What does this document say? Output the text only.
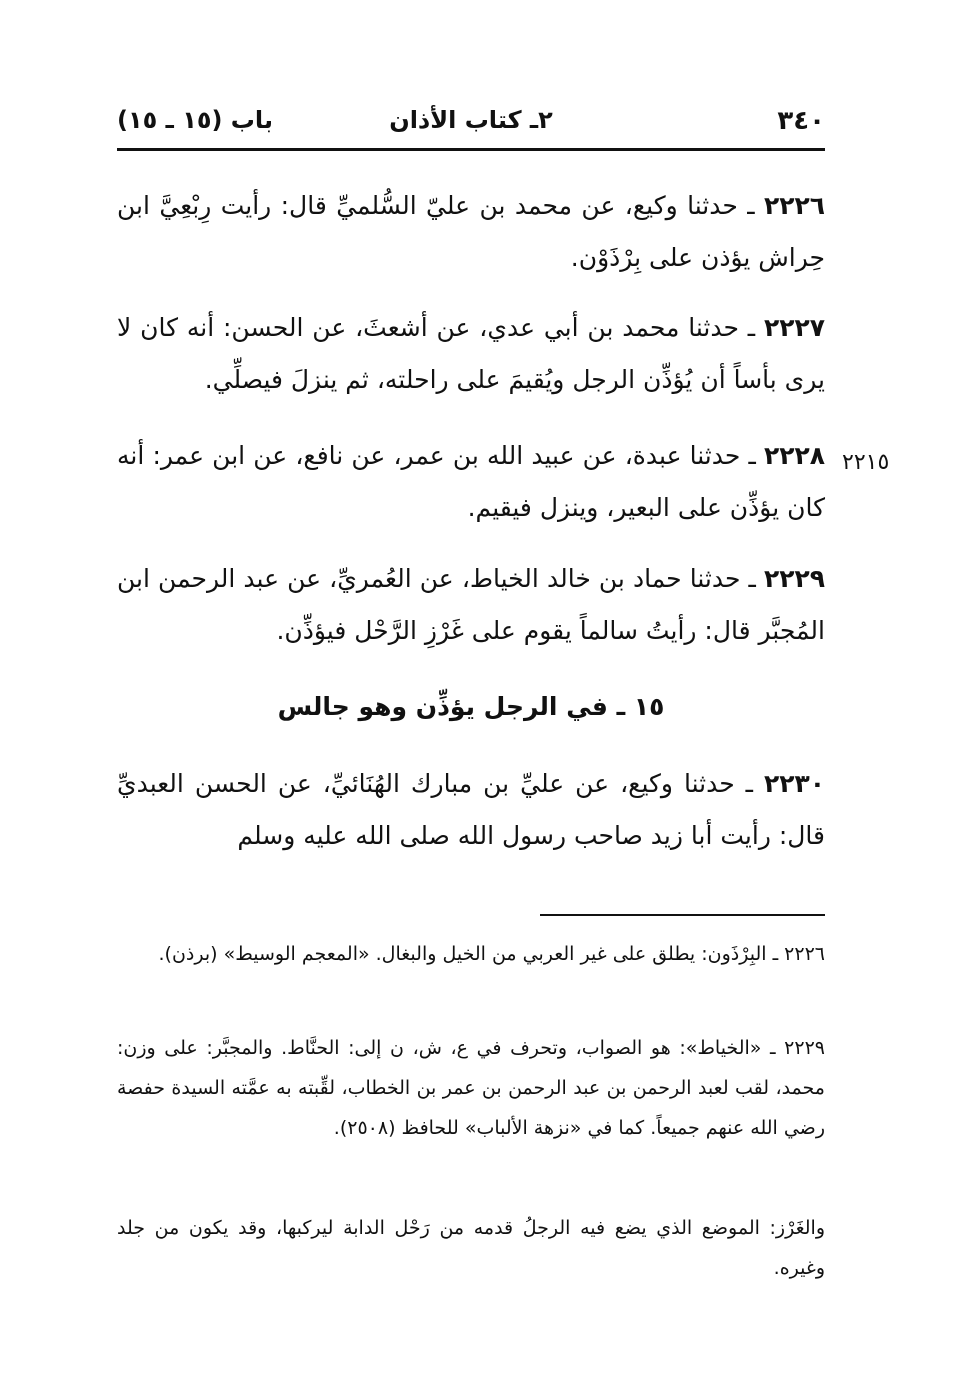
٣٤٠
٢ـ كتاب الأذان
باب (١٥ ـ ١٥)

٢٢٢٦ ـ حدثنا وكيع، عن محمد بن عليّ السُّلميِّ قال: رأيت رِبْعِيَّ ابن حِراش يؤذن على بِرْذَوْن.

٢٢٢٧ ـ حدثنا محمد بن أبي عدي، عن أشعثَ، عن الحسن: أنه كان لا يرى بأساً أن يُؤذِّن الرجل ويُقيمَ على راحلته، ثم ينزلَ فيصلِّي.

٢٢١٥

٢٢٢٨ ـ حدثنا عبدة، عن عبيد الله بن عمر، عن نافع، عن ابن عمر: أنه كان يؤذِّن على البعير، وينزل فيقيم.

٢٢٢٩ ـ حدثنا حماد بن خالد الخياط، عن العُمريِّ، عن عبد الرحمن ابن المُجبَّر قال: رأيتُ سالماً يقوم على غَرْزِ الرَّحْل فيؤذِّن.

١٥ ـ في الرجل يؤذِّن وهو جالس

٢٢٣٠ ـ حدثنا وكيع، عن عليِّ بن مبارك الهُنَائيِّ، عن الحسن العبديِّ قال: رأيت أبا زيد صاحب رسول الله صلى الله عليه وسلم

٢٢٢٦ ـ البِرْذَون: يطلق على غير العربي من الخيل والبغال. «المعجم الوسيط» (برذن).

٢٢٢٩ ـ «الخياط»: هو الصواب، وتحرف في ع، ش، ن إلى: الحنَّاط. والمجبَّر: على وزن: محمد، لقب لعبد الرحمن بن عبد الرحمن بن عمر بن الخطاب، لقِّبته به عمَّته السيدة حفصة رضي الله عنهم جميعاً. كما في «نزهة الألباب» للحافظ (٢٥٠٨).

والغَرْز: الموضع الذي يضع فيه الرجلُ قدمه من رَحْل الدابة ليركبها، وقد يكون من جلد وغيره.
